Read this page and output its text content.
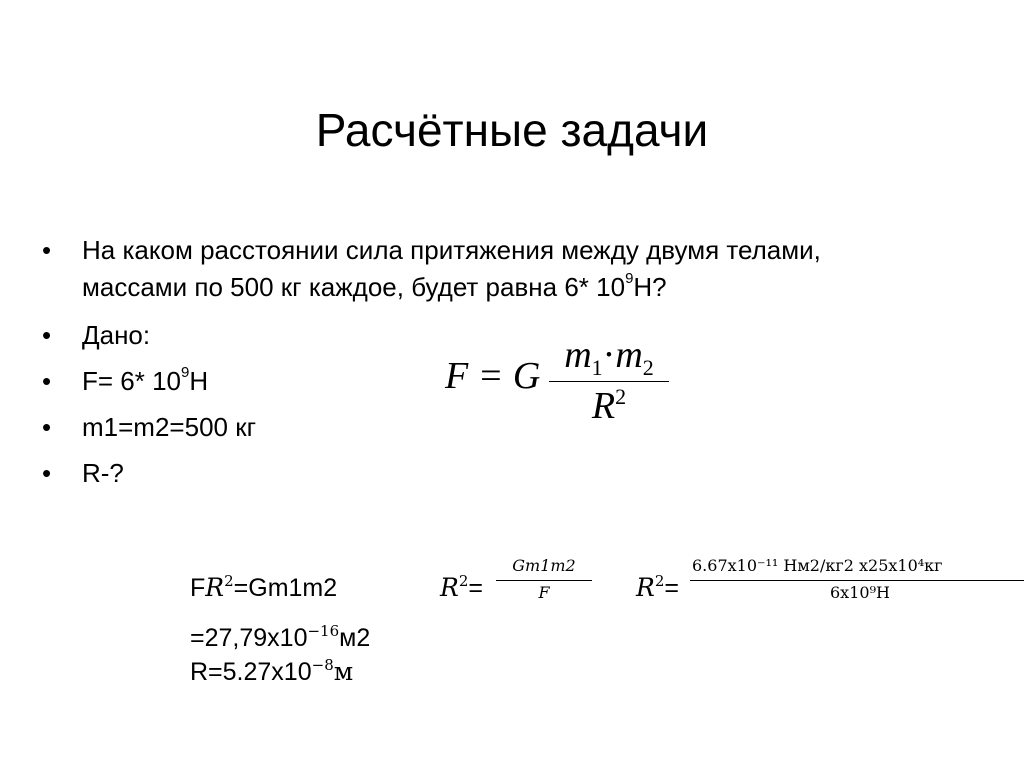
Расчётные задачи
• На каком расстоянии сила притяжения между двумя телами,
массами по 500 кг каждое, будет равна 6* $10^9Н$?
• Дано:
• F= 6* $10^9Н$
• m1=m2=500 кг
• R-?
F = G $m_1\cdot m_2$
$R^2$
$FR^2=Gm1m2$	$R^2=$
Gm1m2
F	$R^2=$
6.67x10⁻¹¹ Нм2/кг2 x25x10⁴кг
6x10⁹Н
$=27,79x10^{-16}м2$
$R=5.27x10^{-8}м$
